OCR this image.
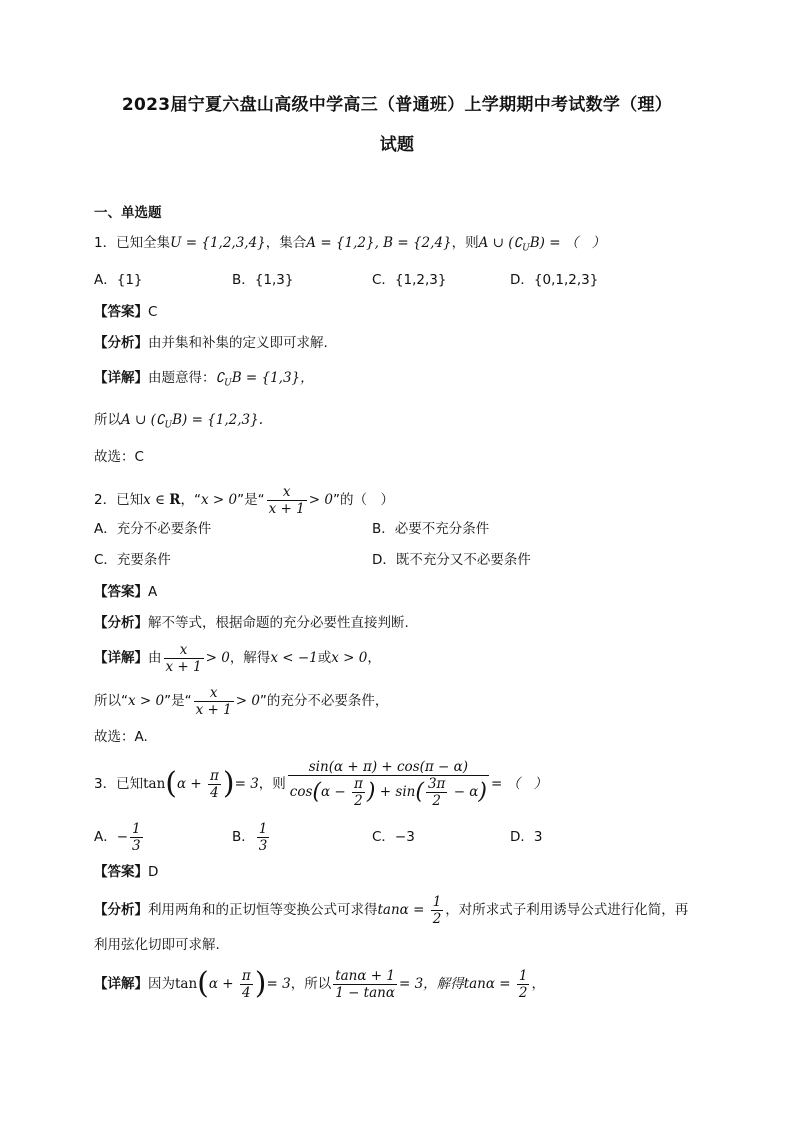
2023届宁夏六盘山高级中学高三（普通班）上学期期中考试数学（理）
试题
一、单选题
1．已知全集U = {1,2,3,4}，集合A = {1,2}, B = {2,4}，则A ∪ $(∁_UB)$ = （　）
A．{1}	B．{1,3}	C．{1,2,3}	D．{0,1,2,3}
【答案】C
【分析】由并集和补集的定义即可求解.
【详解】由题意得：$∁_UB = \{1,3\}$，
所以A ∪ $(∁_UB) = \{1,2,3\}$.
故选：C
2．已知x ∈ R，“x > 0”是“ $\frac{x}{x + 1} > 0$”的（　）
A．充分不必要条件	B．必要不充分条件
C．充要条件	D．既不充分又不必要条件
【答案】A
【分析】解不等式，根据命题的充分必要性直接判断.
【详解】由 $\frac{x}{x + 1} > 0$，解得x < −1或x > 0，
所以“x > 0”是“ $\frac{x}{x + 1} > 0$”的充分不必要条件，
故选：A.
3．已知$\tan(\alpha + \frac{\pi}{4}$ )= 3，则 $\frac{\sin(\alpha + \pi) + \cos(\pi - \alpha)}{\cos(\alpha - \frac{\pi}{2} ) + \sin( \frac{3\pi}{2} - \alpha)}$ = （　）
A．− $\frac{1}{3}$	B． $\frac{1}{3}$	C．−3	D．3
【答案】D
【分析】利用两角和的正切恒等变换公式可求得$\tan\alpha = \frac{1}{2}$ ，对所求式子利用诱导公式进行化简，再
利用弦化切即可求解.
【详解】因为$\tan(\alpha + \frac{\pi}{4}$ )= 3，所以 $\frac{\tan\alpha + 1}{1 - \tan\alpha} = 3$，解得$\tan\alpha = \frac{1}{2}$ ，
